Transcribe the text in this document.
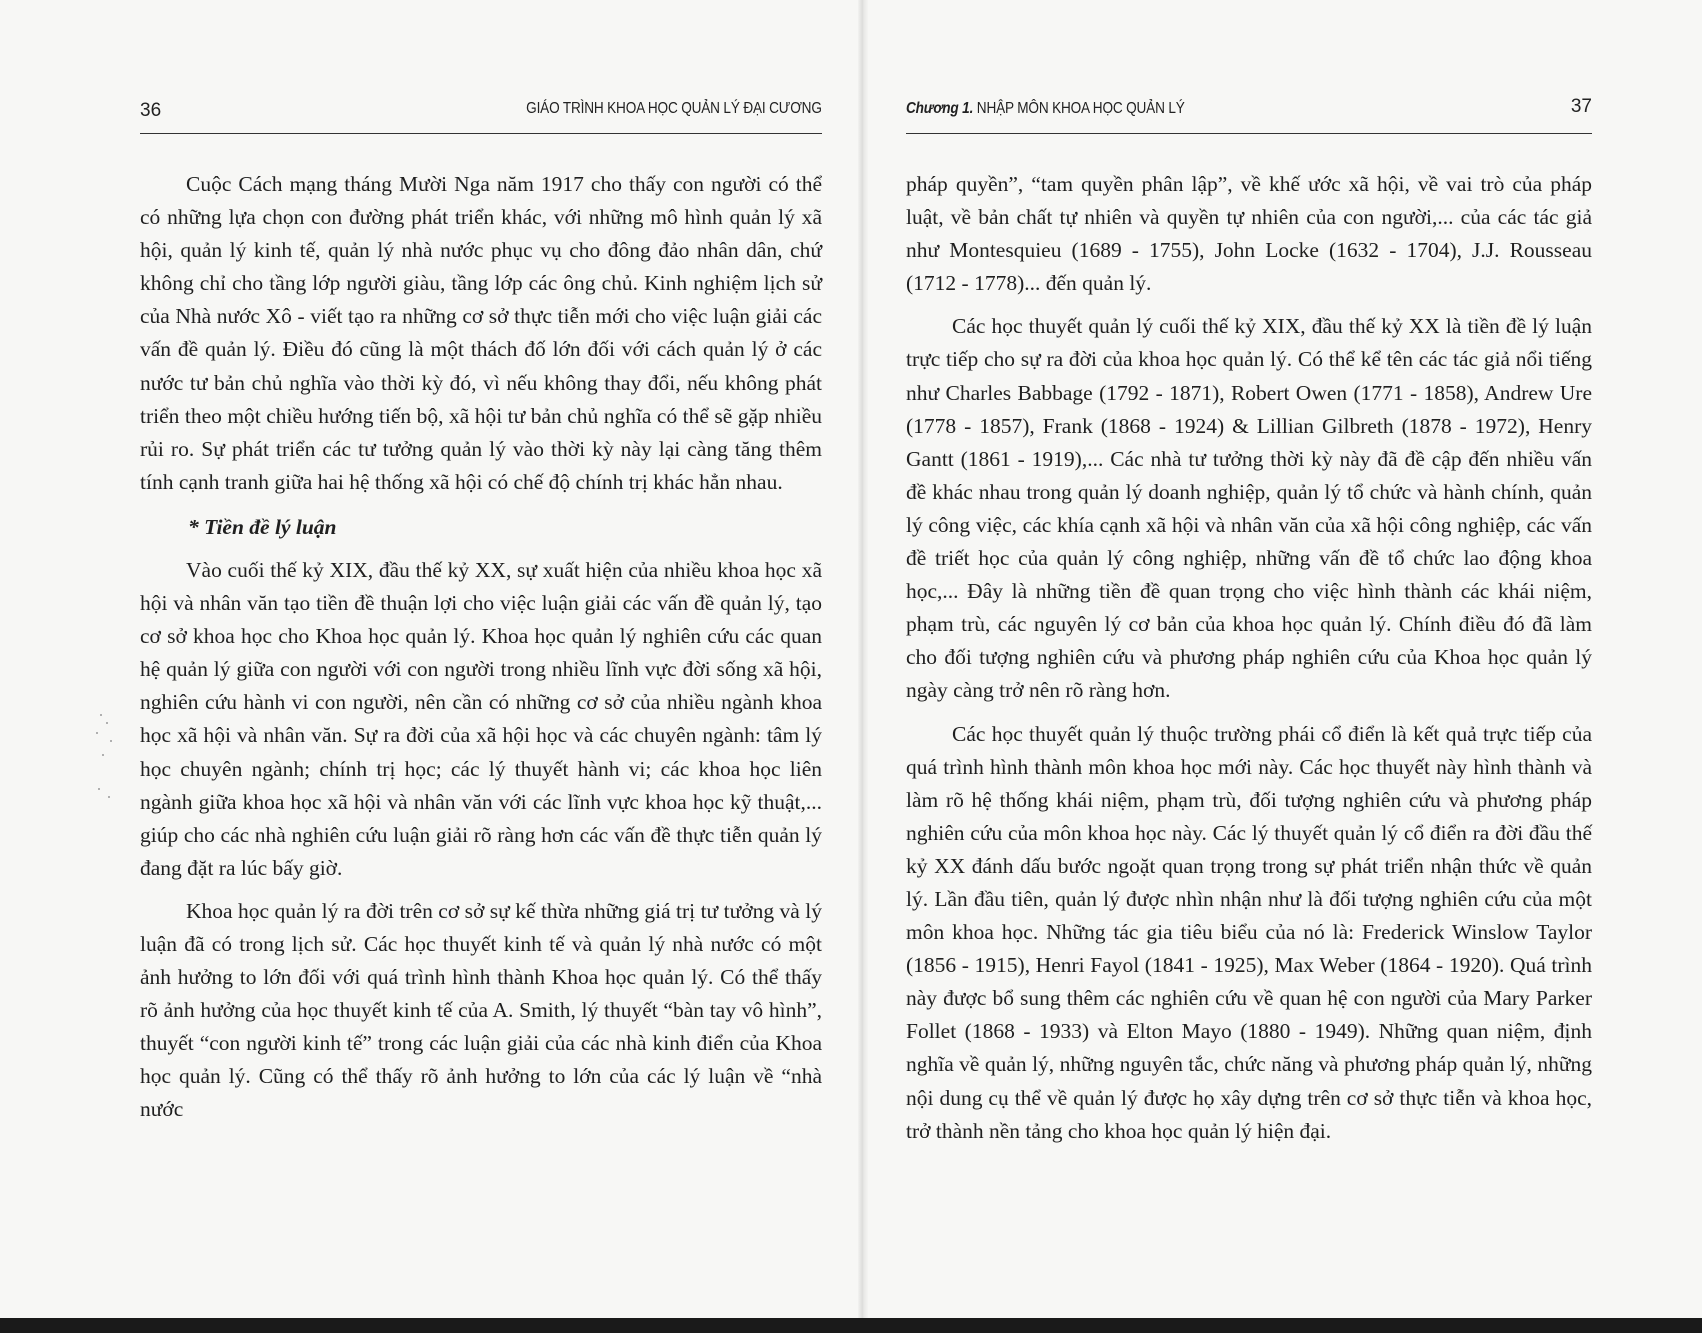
36	GIÁO TRÌNH KHOA HỌC QUẢN LÝ ĐẠI CƯƠNG	Chương 1. NHẬP MÔN KHOA HỌC QUẢN LÝ	37

Cuộc Cách mạng tháng Mười Nga năm 1917 cho thấy con người có thể có những lựa chọn con đường phát triển khác, với những mô hình quản lý xã hội, quản lý kinh tế, quản lý nhà nước phục vụ cho đông đảo nhân dân, chứ không chỉ cho tầng lớp người giàu, tầng lớp các ông chủ. Kinh nghiệm lịch sử của Nhà nước Xô - viết tạo ra những cơ sở thực tiễn mới cho việc luận giải các vấn đề quản lý. Điều đó cũng là một thách đố lớn đối với cách quản lý ở các nước tư bản chủ nghĩa vào thời kỳ đó, vì nếu không thay đổi, nếu không phát triển theo một chiều hướng tiến bộ, xã hội tư bản chủ nghĩa có thể sẽ gặp nhiều rủi ro. Sự phát triển các tư tưởng quản lý vào thời kỳ này lại càng tăng thêm tính cạnh tranh giữa hai hệ thống xã hội có chế độ chính trị khác hẳn nhau.

* Tiền đề lý luận

Vào cuối thế kỷ XIX, đầu thế kỷ XX, sự xuất hiện của nhiều khoa học xã hội và nhân văn tạo tiền đề thuận lợi cho việc luận giải các vấn đề quản lý, tạo cơ sở khoa học cho Khoa học quản lý. Khoa học quản lý nghiên cứu các quan hệ quản lý giữa con người với con người trong nhiều lĩnh vực đời sống xã hội, nghiên cứu hành vi con người, nên cần có những cơ sở của nhiều ngành khoa học xã hội và nhân văn. Sự ra đời của xã hội học và các chuyên ngành: tâm lý học chuyên ngành; chính trị học; các lý thuyết hành vi; các khoa học liên ngành giữa khoa học xã hội và nhân văn với các lĩnh vực khoa học kỹ thuật,... giúp cho các nhà nghiên cứu luận giải rõ ràng hơn các vấn đề thực tiễn quản lý đang đặt ra lúc bấy giờ.

Khoa học quản lý ra đời trên cơ sở sự kế thừa những giá trị tư tưởng và lý luận đã có trong lịch sử. Các học thuyết kinh tế và quản lý nhà nước có một ảnh hưởng to lớn đối với quá trình hình thành Khoa học quản lý. Có thể thấy rõ ảnh hưởng của học thuyết kinh tế của A. Smith, lý thuyết “bàn tay vô hình”, thuyết “con người kinh tế” trong các luận giải của các nhà kinh điển của Khoa học quản lý. Cũng có thể thấy rõ ảnh hưởng to lớn của các lý luận về “nhà nước

pháp quyền”, “tam quyền phân lập”, về khế ước xã hội, về vai trò của pháp luật, về bản chất tự nhiên và quyền tự nhiên của con người,... của các tác giả như Montesquieu (1689 - 1755), John Locke (1632 - 1704), J.J. Rousseau (1712 - 1778)... đến quản lý.

Các học thuyết quản lý cuối thế kỷ XIX, đầu thế kỷ XX là tiền đề lý luận trực tiếp cho sự ra đời của khoa học quản lý. Có thể kể tên các tác giả nổi tiếng như Charles Babbage (1792 - 1871), Robert Owen (1771 - 1858), Andrew Ure (1778 - 1857), Frank (1868 - 1924) & Lillian Gilbreth (1878 - 1972), Henry Gantt (1861 - 1919),... Các nhà tư tưởng thời kỳ này đã đề cập đến nhiều vấn đề khác nhau trong quản lý doanh nghiệp, quản lý tổ chức và hành chính, quản lý công việc, các khía cạnh xã hội và nhân văn của xã hội công nghiệp, các vấn đề triết học của quản lý công nghiệp, những vấn đề tổ chức lao động khoa học,... Đây là những tiền đề quan trọng cho việc hình thành các khái niệm, phạm trù, các nguyên lý cơ bản của khoa học quản lý. Chính điều đó đã làm cho đối tượng nghiên cứu và phương pháp nghiên cứu của Khoa học quản lý ngày càng trở nên rõ ràng hơn.

Các học thuyết quản lý thuộc trường phái cổ điển là kết quả trực tiếp của quá trình hình thành môn khoa học mới này. Các học thuyết này hình thành và làm rõ hệ thống khái niệm, phạm trù, đối tượng nghiên cứu và phương pháp nghiên cứu của môn khoa học này. Các lý thuyết quản lý cổ điển ra đời đầu thế kỷ XX đánh dấu bước ngoặt quan trọng trong sự phát triển nhận thức về quản lý. Lần đầu tiên, quản lý được nhìn nhận như là đối tượng nghiên cứu của một môn khoa học. Những tác gia tiêu biểu của nó là: Frederick Winslow Taylor (1856 - 1915), Henri Fayol (1841 - 1925), Max Weber (1864 - 1920). Quá trình này được bổ sung thêm các nghiên cứu về quan hệ con người của Mary Parker Follet (1868 - 1933) và Elton Mayo (1880 - 1949). Những quan niệm, định nghĩa về quản lý, những nguyên tắc, chức năng và phương pháp quản lý, những nội dung cụ thể về quản lý được họ xây dựng trên cơ sở thực tiễn và khoa học, trở thành nền tảng cho khoa học quản lý hiện đại.
